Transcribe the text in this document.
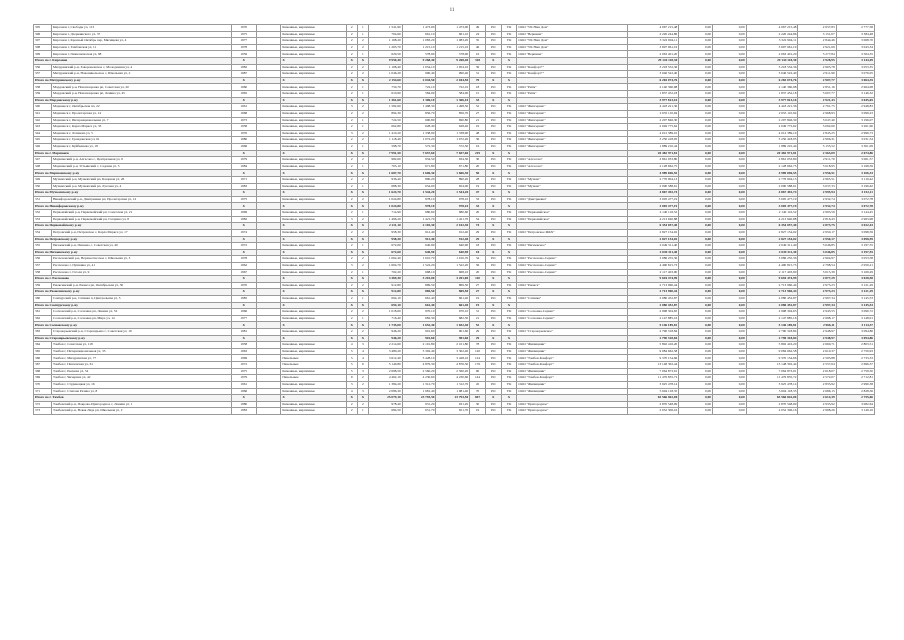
11
305	Кирсанов г, Свободы ул, 113	1970		Каменные, кирпичные	2	1	1 541,90	1 473,00	1 473,00	49	РО	УК	ООО "УК Наш Дом"	4 067 215,48	0,00	0,00	4 067 215,48	2 637,83	2 777,58
306	Кирсанов г, Дзержинского ул, 37	1975		Каменные, кирпичные	2	1	704,60	661,10	661,10	24	РО	УК	ООО "Вершина"	2 220 244,86	0,00	0,00	2 220 244,86	3 151,07	3 384,48
307	Кирсанов г, Красный Октябрь пер, Мясищева ул, 4	1977		Каменные, кирпичные	2	2	1 168,20	1 083,20	1 083,20	35	РО	УК	ООО "УК Наш Дом"	3 322 904,11	0,00	0,00	3 322 904,11	2 844,46	3 068,70
308	Кирсанов г, Тамбовская ул, 11	1978		Каменные, кирпичные	2	2	1 265,70	1 215,10	1 215,10	46	РО	УК	ООО "УК Наш Дом"	3 697 961,19	0,00	0,00	3 697 961,19	2 921,69	3 043,34
309	Кирсанов г, Гимназическая ул, 98	1959		Каменные, кирпичные	2	1	629,50	578,90	578,90	16	РО	УК	ООО "Вершина"	2 063 401,20	0,00	0,00	2 063 401,20	3 277,84	3 564,35
Итого по г. Кирсанов		Х		Х	Х	Х	9 950,40	9 268,40	9 268,40	318	Х	Х		29 144 118,30	0,00	0,00	29 144 118,30	2 928,95	3 144,49
336	Мичуринский р-н, Заворонежское с, Молодежная ул, 4	1982		Каменные, кирпичные	2	2	1 108,40	1 054,10	1 054,10	39	РО	УК	ООО "Комфорт+"	3 218 552,36	0,00	0,00	3 218 552,36	2 903,78	3 053,35
337	Мичуринский р-н, Новоникольское с, Школьная ул, 2	1987		Каменные, кирпичные	2	2	1 046,20	990,40	990,40	31	РО	УК	ООО "Комфорт+"	3 046 522,40	0,00	0,00	3 046 522,40	2 911,99	3 076,05
Итого по Мичуринскому р-ну		Х		Х	Х	Х	2 154,60	2 044,50	2 044,50	70	Х	Х		6 265 074,76	0,00	0,00	6 265 074,76	2 907,77	3 064,35
338	Мордовский р-н, Новопокровка рп, Советская ул, 20	1960		Каменные, кирпичные	2	1	750,70	722,10	722,10	18	РО	УК	ООО "Ритм"	2 140 360,98	0,00	0,00	2 140 360,98	2 851,16	2 964,08
339	Мордовский р-н, Новопокровка рп, Ленина ул, 45	1965		Каменные, кирпичные	2	1	610,90	584,00	584,00	15	РО	УК	ООО "Ритм"	1 837 452,18	0,00	0,00	1 837 452,18	3 007,77	3 146,32
Итого по Мордовскому р-ну		Х		Х	Х	Х	1 361,60	1 306,10	1 306,10	33	Х	Х		3 977 813,16	0,00	0,00	3 977 813,16	2 921,43	3 045,65
340	Моршанск г, Октябрьская пл, 22	1961		Каменные, кирпичные	3	2	1 582,60	1 498,30	1 498,30	52	РО	УК	ООО "Жилсервис"	4 418 221,36	0,00	0,00	4 418 221,36	2 791,75	2 948,83
341	Моршанск г, Пролетарская ул, 14	1968		Каменные, кирпичные	2	2	894,30	856,70	856,70	27	РО	УК	ООО "Жилсервис"	2 655 110,94	0,00	0,00	2 655 110,94	2 968,93	3 099,23
342	Моршанск г, Интернациональная ул, 7	1973		Каменные, кирпичные	2	1	724,50	690,80	690,80	21	РО	УК	ООО "Жилсервис"	2 207 846,30	0,00	0,00	2 207 846,30	3 047,40	3 196,07
343	Моршанск г, Карла Маркса ул, 33	1958		Каменные, кирпичные	2	1	662,80	628,40	628,40	19	РО	УК	ООО "Жилсервис"	2 049 775,62	0,00	0,00	2 049 775,62	3 092,60	3 261,90
344	Моршанск г, Лотикова ул, 5	1976		Каменные, кирпичные	3	2	1 410,20	1 338,90	1 338,90	48	РО	УК	ООО "Жилсервис"	4 012 389,10	0,00	0,00	4 012 389,10	2 845,25	2 996,73
345	Моршанск г, Гражданская ул, 61	1980		Каменные, кирпичные	2	2	1 118,40	1 072,20	1 072,20	36	РО	УК	ООО "Жилсервис"	3 250 418,05	0,00	0,00	3 250 418,05	2 906,31	3 031,54
346	Моршанск г, Куйбышева ул, 18	1966		Каменные, кирпичные	2	1	598,70	572,30	572,30	16	РО	УК	ООО "Жилсервис"	1 889 210,44	0,00	0,00	1 889 210,44	3 155,52	3 301,09
Итого по г. Моршанск		Х		Х	Х	Х	7 991,50	7 657,60	7 657,60	219	Х	Х		20 482 971,81	0,00	0,00	20 482 971,81	2 563,09	2 674,86
347	Моршанский р-н, Алгасово с, Центральная ул, 9	1979		Каменные, кирпичные	2	2	982,60	934,50	934,50	30	РО	УК	ООО "Алгасово"	2 861 033,80	0,00	0,00	2 861 033,80	2 911,70	3 061,57
348	Моршанский р-н, Устьинский с, Садовая ул, 3	1984		Каменные, кирпичные	2	1	705,10	671,80	671,80	20	РО	УК	ООО "Алгасово"	2 128 662,75	0,00	0,00	2 128 662,75	3 018,95	3 168,59
Итого по Моршанскому р-ну		Х		Х	Х	Х	1 687,70	1 606,30	1 606,30	50	Х	Х		4 989 696,55	0,00	0,00	4 989 696,55	2 956,51	3 106,33
349	Мучкапский р-н, Мучкапский рп, Базарная ул, 26	1971		Каменные, кирпичные	2	2	936,40	890,20	890,20	28	РО	УК	ООО "Мучкап"	2 776 904,13	0,00	0,00	2 776 904,13	2 965,51	3 119,42
350	Мучкапский р-н, Мучкапский рп, Луговая ул, 4	1983		Каменные, кирпичные	2	1	688,30	654,00	654,00	19	РО	УК	ООО "Мучкап"	2 090 588,61	0,00	0,00	2 090 588,61	3 037,33	3 196,62
Итого по Мучкапскому р-ну		Х		Х	Х	Х	1 624,70	1 544,20	1 544,20	47	Х	Х		4 867 492,74	0,00	0,00	4 867 492,74	2 995,94	3 152,11
351	Никифоровский р-н, Дмитриевка рп, Пролетарская ул, 12	1975		Каменные, кирпичные	2	2	1 024,80	978,10	978,10	33	РО	УК	ООО "Дмитриевка"	3 005 477,19	0,00	0,00	3 005 477,19	2 932,74	3 072,78
Итого по Никифоровскому р-ну		Х		Х	Х	Х	1 024,80	978,10	978,10	33	Х	Х		3 005 477,19	0,00	0,00	3 005 477,19	2 932,74	3 072,78
352	Первомайский р-н, Первомайский рп, Советская ул, 21	1969		Каменные, кирпичные	2	1	714,90	680,60	680,60	20	РО	УК	ООО "Первомайское"	2 140 116,52	0,00	0,00	2 140 116,52	2 993,59	3 144,45
353	Первомайский р-н, Первомайский рп, Гагарина ул, 8	1982		Каменные, кирпичные	3	2	1 496,20	1 421,70	1 421,70	54	РО	УК	ООО "Первомайское"	4 213 940,88	0,00	0,00	4 213 940,88	2 816,43	2 963,98
Итого по Первомайскому р-ну		Х		Х	Х	Х	2 211,10	2 102,30	2 102,30	74	Х	Х		6 354 057,40	0,00	0,00	6 354 057,40	2 873,75	3 022,43
354	Петровский р-н, Петровское с, Карла Маркса ул, 17	1974		Каменные, кирпичные	2	2	958,30	912,40	912,40	29	РО	УК	ООО "Петровское ЖКХ"	2 827 154,02	0,00	0,00	2 827 154,02	2 950,17	3 098,59
Итого по Петровскому р-ну		Х		Х	Х	Х	958,30	912,40	912,40	29	Х	Х		2 827 154,02	0,00	0,00	2 827 154,02	2 950,17	3 098,59
355	Пичаевский р-н, Пичаево с, Советская ул, 40	1972		Каменные, кирпичные	2	1	672,60	640,90	640,90	18	РО	УК	ООО "Пичаевское"	2 049 311,40	0,00	0,00	2 049 311,40	3 046,85	3 197,55
Итого по Пичаевскому р-ну		Х		Х	Х	Х	672,60	640,90	640,90	18	Х	Х		2 049 311,40	0,00	0,00	2 049 311,40	3 046,85	3 197,55
356	Рассказовский р-н, Верхнеспасское с, Школьная ул, 3	1978		Каменные, кирпичные	2	2	1 062,40	1 010,70	1 010,70	34	РО	УК	ООО "Рассказово-Сервис"	3 086 255,36	0,00	0,00	3 086 255,36	2 904,97	3 053,58
357	Рассказово г, Пушкина ул, 41	1962		Каменные, кирпичные	3	2	1 604,70	1 522,20	1 522,20	56	РО	УК	ООО "Рассказово-Сервис"	4 490 815,73	0,00	0,00	4 490 815,73	2 798,54	2 950,21
358	Рассказово г, Гоголя ул, 9	1967		Каменные, кирпичные	2	1	702,20	668,10	668,10	20	РО	УК	ООО "Рассказово-Сервис"	2 117 403,90	0,00	0,00	2 117 403,90	3 015,39	3 169,29
Итого по г. Рассказово		Х		Х	Х	Х	3 369,30	3 201,00	3 201,00	110	Х	Х		9 694 474,99	0,00	0,00	9 694 474,99	2 877,29	3 028,58
359	Ржаксинский р-н, Ржакса рп, Октябрьская ул, 30	1970		Каменные, кирпичные	2	2	912,80	869,50	869,50	27	РО	УК	ООО "Ржакса"	2 713 960,44	0,00	0,00	2 713 960,44	2 973,23	3 121,29
Итого по Ржаксинскому р-ну		Х		Х	Х	Х	912,80	869,50	869,50	27	Х	Х		2 713 960,44	0,00	0,00	2 713 960,44	2 973,23	3 121,29
360	Сампурский р-н, Сатинка п, Центральная ул, 5	1985		Каменные, кирпичные	2	1	694,10	661,40	661,40	19	РО	УК	ООО "Сатинка"	2 080 452,87	0,00	0,00	2 080 452,87	2 997,34	3 145,53
Итого по Сампурскому р-ну		Х		Х	Х	Х	694,10	661,40	661,40	19	Х	Х		2 080 452,87	0,00	0,00	2 080 452,87	2 997,34	3 145,53
361	Сосновский р-н, Сосновка рп, Ленина ул, 52	1966		Каменные, кирпичные	2	2	1 018,60	970,10	970,10	31	РО	УК	ООО "Сосновка-Сервис"	2 998 304,65	0,00	0,00	2 998 304,65	2 943,55	3 090,72
362	Сосновский р-н, Сосновка рп, Мира ул, 14	1977		Каменные, кирпичные	2	1	716,40	682,30	682,30	21	РО	УК	ООО "Сосновка-Сервис"	2 147 885,16	0,00	0,00	2 147 885,16	2 998,17	3 148,01
Итого по Сосновскому р-ну		Х		Х	Х	Х	1 735,00	1 652,40	1 652,40	52	Х	Х		5 146 189,81	0,00	0,00	5 146 189,81	2 966,11	3 114,37
363	Староюрьевский р-н, Староюрьево с, Советская ул, 19	1981		Каменные, кирпичные	2	2	946,20	901,60	901,60	29	РО	УК	ООО "Староюрьевское"	2 790 318,84	0,00	0,00	2 790 318,84	2 948,97	3 094,86
Итого по Староюрьевскому р-ну		Х		Х	Х	Х	946,20	901,60	901,60	29	Х	Х		2 790 318,84	0,00	0,00	2 790 318,84	2 948,97	3 094,86
364	Тамбов г, Советская ул, 118	1958		Каменные, кирпичные	4	3	2 214,60	2 101,80	2 101,80	78	РО	УК	ООО "Жилищник"	5 892 416,20	0,00	0,00	5 892 416,20	2 660,71	2 803,51
365	Тамбов г, Интернациональная ул, 35	1963		Каменные, кирпичные	5	4	3 480,20	3 302,40	3 302,40	120	РО	УК	ООО "Жилищник"	9 084 662,58	0,00	0,00	9 084 662,58	2 610,37	2 750,93
366	Тамбов г, Мичуринская ул, 77	1969		Панельные	5	4	3 612,40	3 428,10	3 428,10	124	РО	УК	ООО "Тамбов-Комфорт"	9 370 154,66	0,00	0,00	9 370 154,66	2 593,88	2 733,33
367	Тамбов г, Пензенская ул, 61	1972		Панельные	5	6	5 140,80	4 876,30	4 876,30	176	РО	УК	ООО "Тамбов-Комфорт"	13 148 302,44	0,00	0,00	13 148 302,44	2 557,64	2 696,37
368	Тамбов г, Рылеева ул, 54	1975		Каменные, кирпичные	5	3	2 698,50	2 560,20	2 560,20	90	РО	УК	ООО "Жилищник"	7 064 873,91	0,00	0,00	7 064 873,91	2 618,07	2 759,50
369	Тамбов г, Чичерина ул, 42	1979		Панельные	9	2	4 462,10	4 230,60	4 230,60	144	РО	УК	ООО "Тамбов-Комфорт"	11 476 835,72	0,00	0,00	11 476 835,72	2 572,07	2 712,81
370	Тамбов г, Студенецкая ул, 16	1961		Каменные, кирпичные	3	2	1 384,20	1 312,70	1 312,70	45	РО	УК	ООО "Жилищник"	3 925 478,14	0,00	0,00	3 925 478,14	2 835,92	2 990,38
371	Тамбов г, Степана Разина ул, 8	1966		Каменные, кирпичные	4	3	2 086,30	1 981,40	1 981,40	70	РО	УК	ООО "Жилищник"	5 604 118,35	0,00	0,00	5 604 118,35	2 686,15	2 828,36
Итого по г. Тамбов		Х		Х	Х	Х	25 079,10	23 793,50	23 793,50	847	Х	Х		65 566 842,00	0,00	0,00	65 566 842,00	2 614,39	2 755,66
372	Тамбовский р-н, Покрово-Пригородное с, Ленина ул, 1	1980		Каменные, кирпичные	2	2	978,40	931,20	931,20	30	РО	УК	ООО "Пригородное"	2 870 548,09	0,00	0,00	2 870 548,09	2 933,92	3 082,64
373	Тамбовский р-н, Новая Ляда рп, Школьная ул, 2	1983		Каменные, кирпичные	2	1	684,50	651,70	651,70	19	РО	УК	ООО "Пригородное"	2 052 306,16	0,00	0,00	2 052 306,16	2 998,26	3 149,16
